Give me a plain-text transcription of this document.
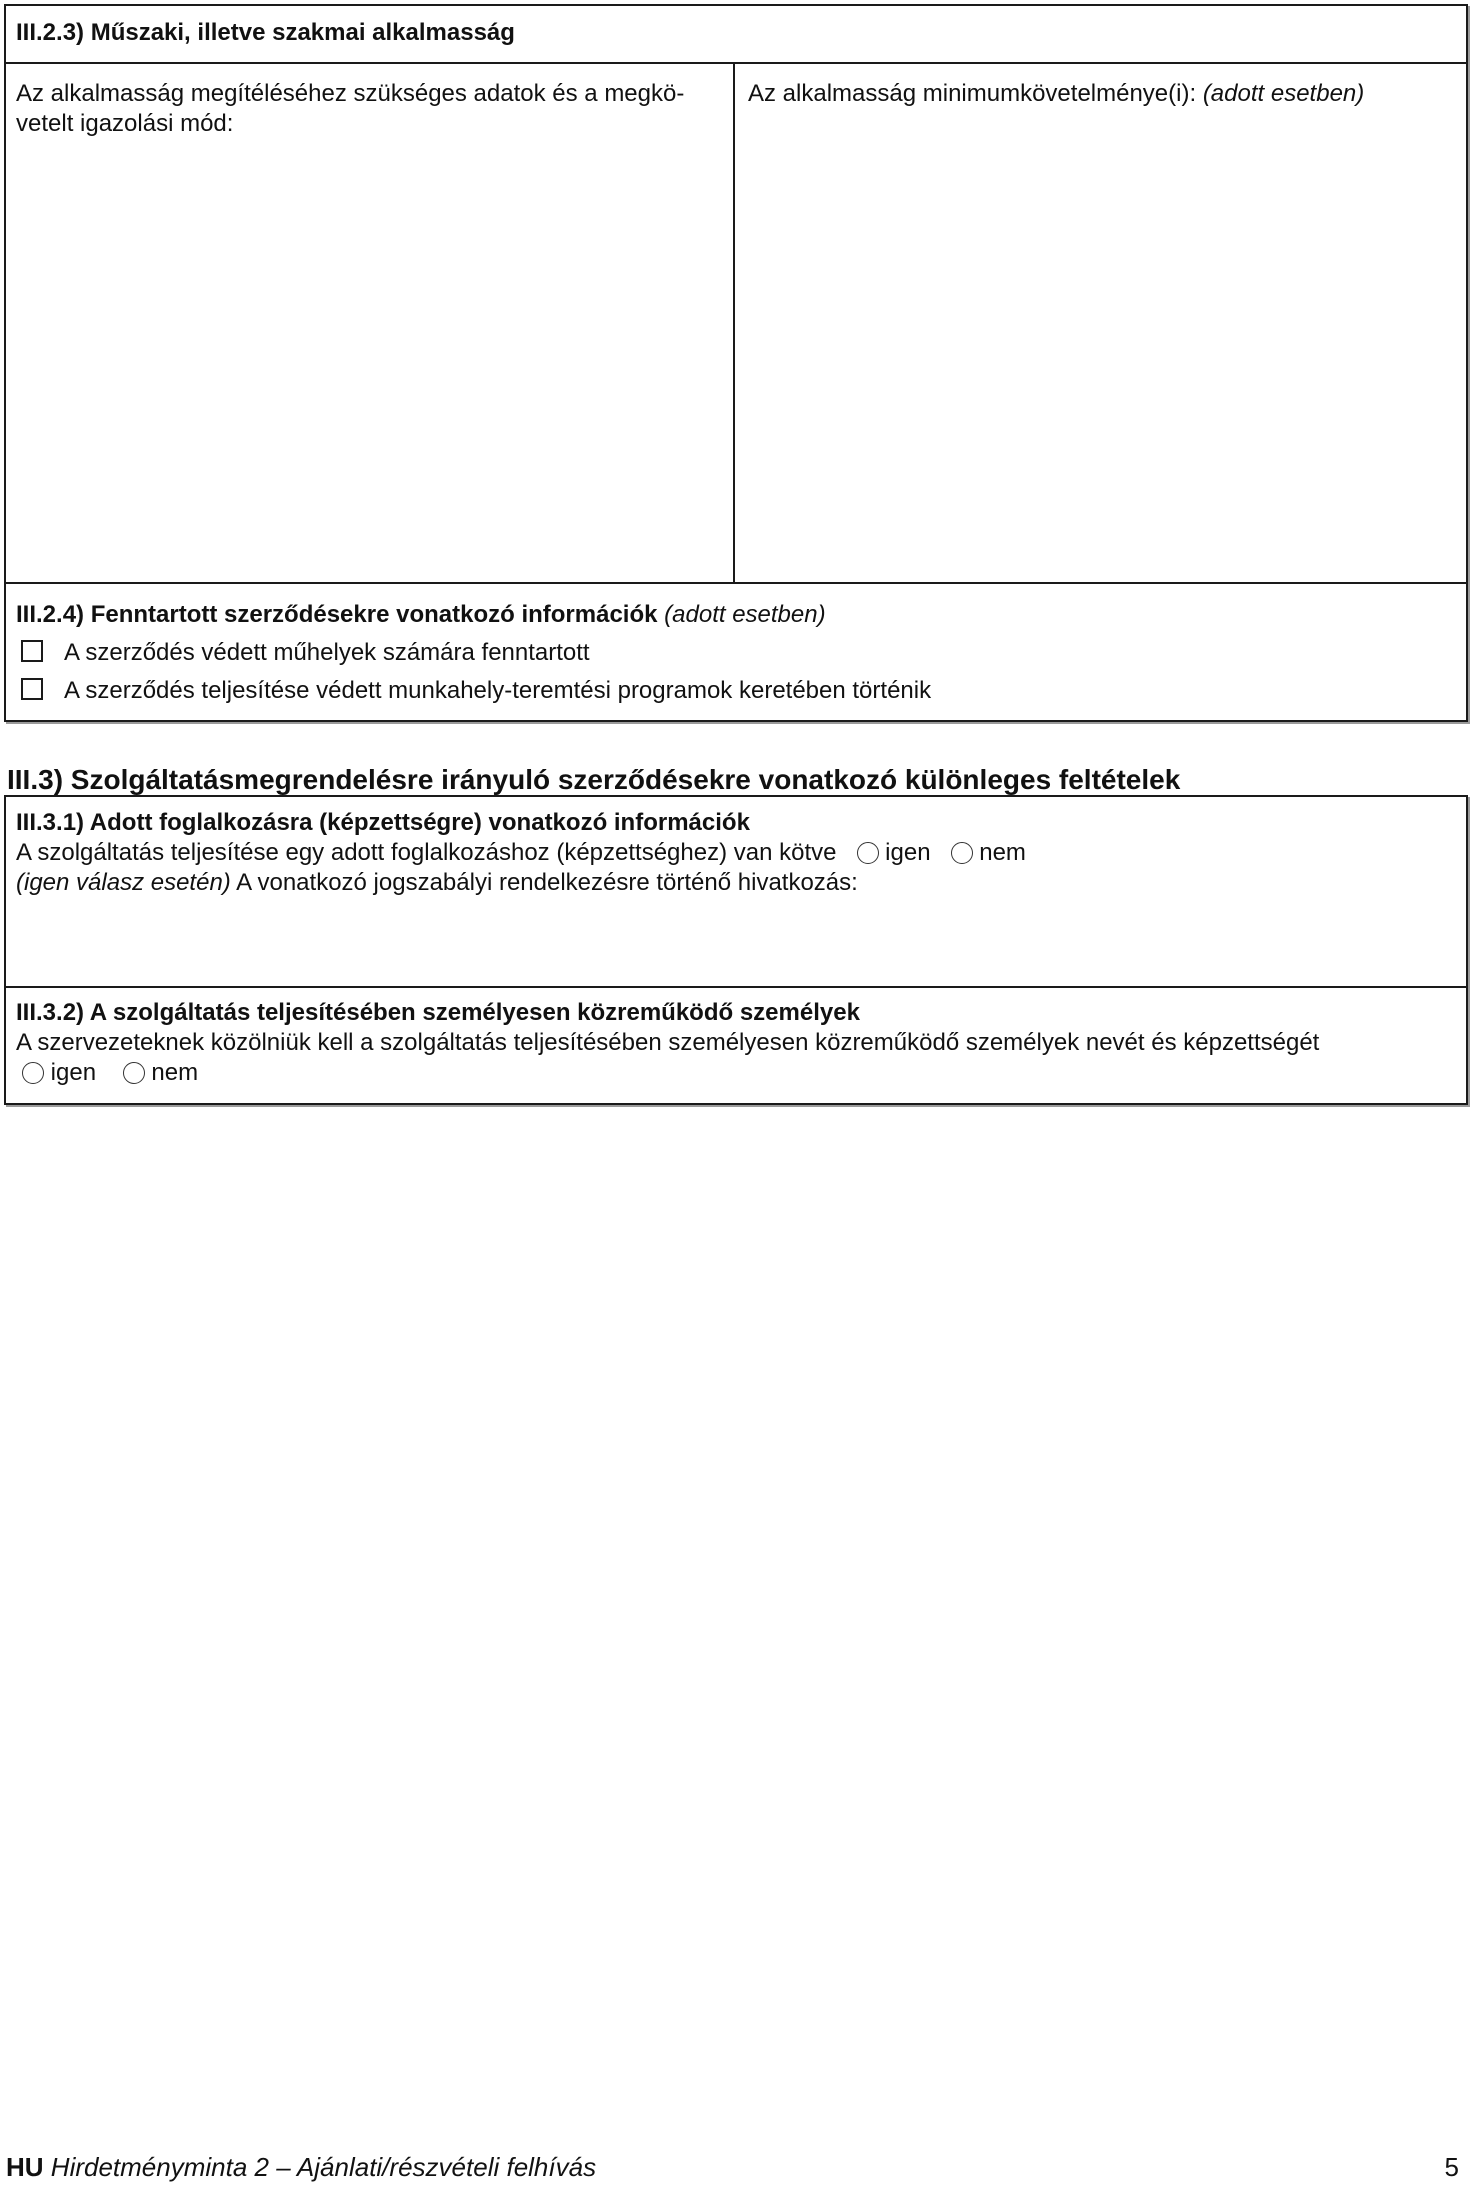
III.2.3) Műszaki, illetve szakmai alkalmasság
Az alkalmasság megítéléséhez szükséges adatok és a megkö-
vetelt igazolási mód:
Az alkalmasság minimumkövetelménye(i): (adott esetben)
III.2.4) Fenntartott szerződésekre vonatkozó információk (adott esetben)
A szerződés védett műhelyek számára fenntartott
A szerződés teljesítése védett munkahely-teremtési programok keretében történik
III.3) Szolgáltatásmegrendelésre irányuló szerződésekre vonatkozó különleges feltételek
III.3.1) Adott foglalkozásra (képzettségre) vonatkozó információk
A szolgáltatás teljesítése egy adott foglalkozáshoz (képzettséghez) van kötve igen nem
(igen válasz esetén) A vonatkozó jogszabályi rendelkezésre történő hivatkozás:
III.3.2) A szolgáltatás teljesítésében személyesen közreműködő személyek
A szervezeteknek közölniük kell a szolgáltatás teljesítésében személyesen közreműködő személyek nevét és képzettségét
igen nem
HU Hirdetményminta 2 – Ajánlati/részvételi felhívás	5
